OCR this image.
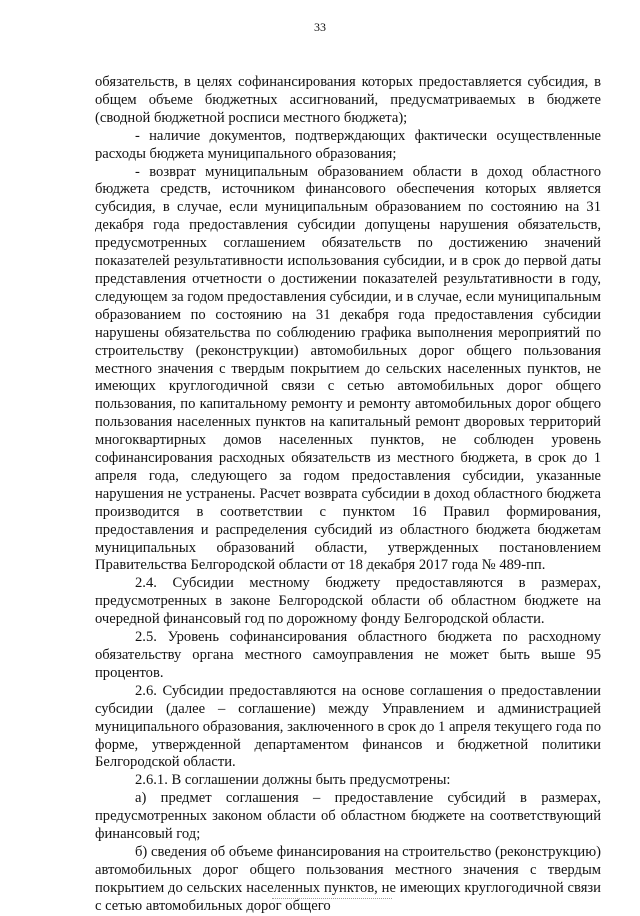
33

обязательств, в целях софинансирования которых предоставляется субсидия, в общем объеме бюджетных ассигнований, предусматриваемых в бюджете (сводной бюджетной росписи местного бюджета);

- наличие документов, подтверждающих фактически осуществленные расходы бюджета муниципального образования;

- возврат муниципальным образованием области в доход областного бюджета средств, источником финансового обеспечения которых является субсидия, в случае, если муниципальным образованием по состоянию на 31 декабря года предоставления субсидии допущены нарушения обязательств, предусмотренных соглашением обязательств по достижению значений показателей результативности использования субсидии, и в срок до первой даты представления отчетности о достижении показателей результативности в году, следующем за годом предоставления субсидии, и в случае, если муниципальным образованием по состоянию на 31 декабря года предоставления субсидии нарушены обязательства по соблюдению графика выполнения мероприятий по строительству (реконструкции) автомобильных дорог общего пользования местного значения с твердым покрытием до сельских населенных пунктов, не имеющих круглогодичной связи с сетью автомобильных дорог общего пользования, по капитальному ремонту и ремонту автомобильных дорог общего пользования населенных пунктов на капитальный ремонт дворовых территорий многоквартирных домов населенных пунктов, не соблюден уровень софинансирования расходных обязательств из местного бюджета, в срок до 1 апреля года, следующего за годом предоставления субсидии, указанные нарушения не устранены. Расчет возврата субсидии в доход областного бюджета производится в соответствии с пунктом 16 Правил формирования, предоставления и распределения субсидий из областного бюджета бюджетам муниципальных образований области, утвержденных постановлением Правительства Белгородской области от 18 декабря 2017 года № 489-пп.

2.4. Субсидии местному бюджету предоставляются в размерах, предусмотренных в законе Белгородской области об областном бюджете на очередной финансовый год по дорожному фонду Белгородской области.

2.5. Уровень софинансирования областного бюджета по расходному обязательству органа местного самоуправления не может быть выше 95 процентов.

2.6. Субсидии предоставляются на основе соглашения о предоставлении субсидии (далее – соглашение) между Управлением и администрацией муниципального образования, заключенного в срок до 1 апреля текущего года по форме, утвержденной департаментом финансов и бюджетной политики Белгородской области.

2.6.1. В соглашении должны быть предусмотрены:

а) предмет соглашения – предоставление субсидий в размерах, предусмотренных законом области об областном бюджете на соответствующий финансовый год;

б) сведения об объеме финансирования на строительство (реконструкцию) автомобильных дорог общего пользования местного значения с твердым покрытием до сельских населенных пунктов, не имеющих круглогодичной связи с сетью автомобильных дорог общего
